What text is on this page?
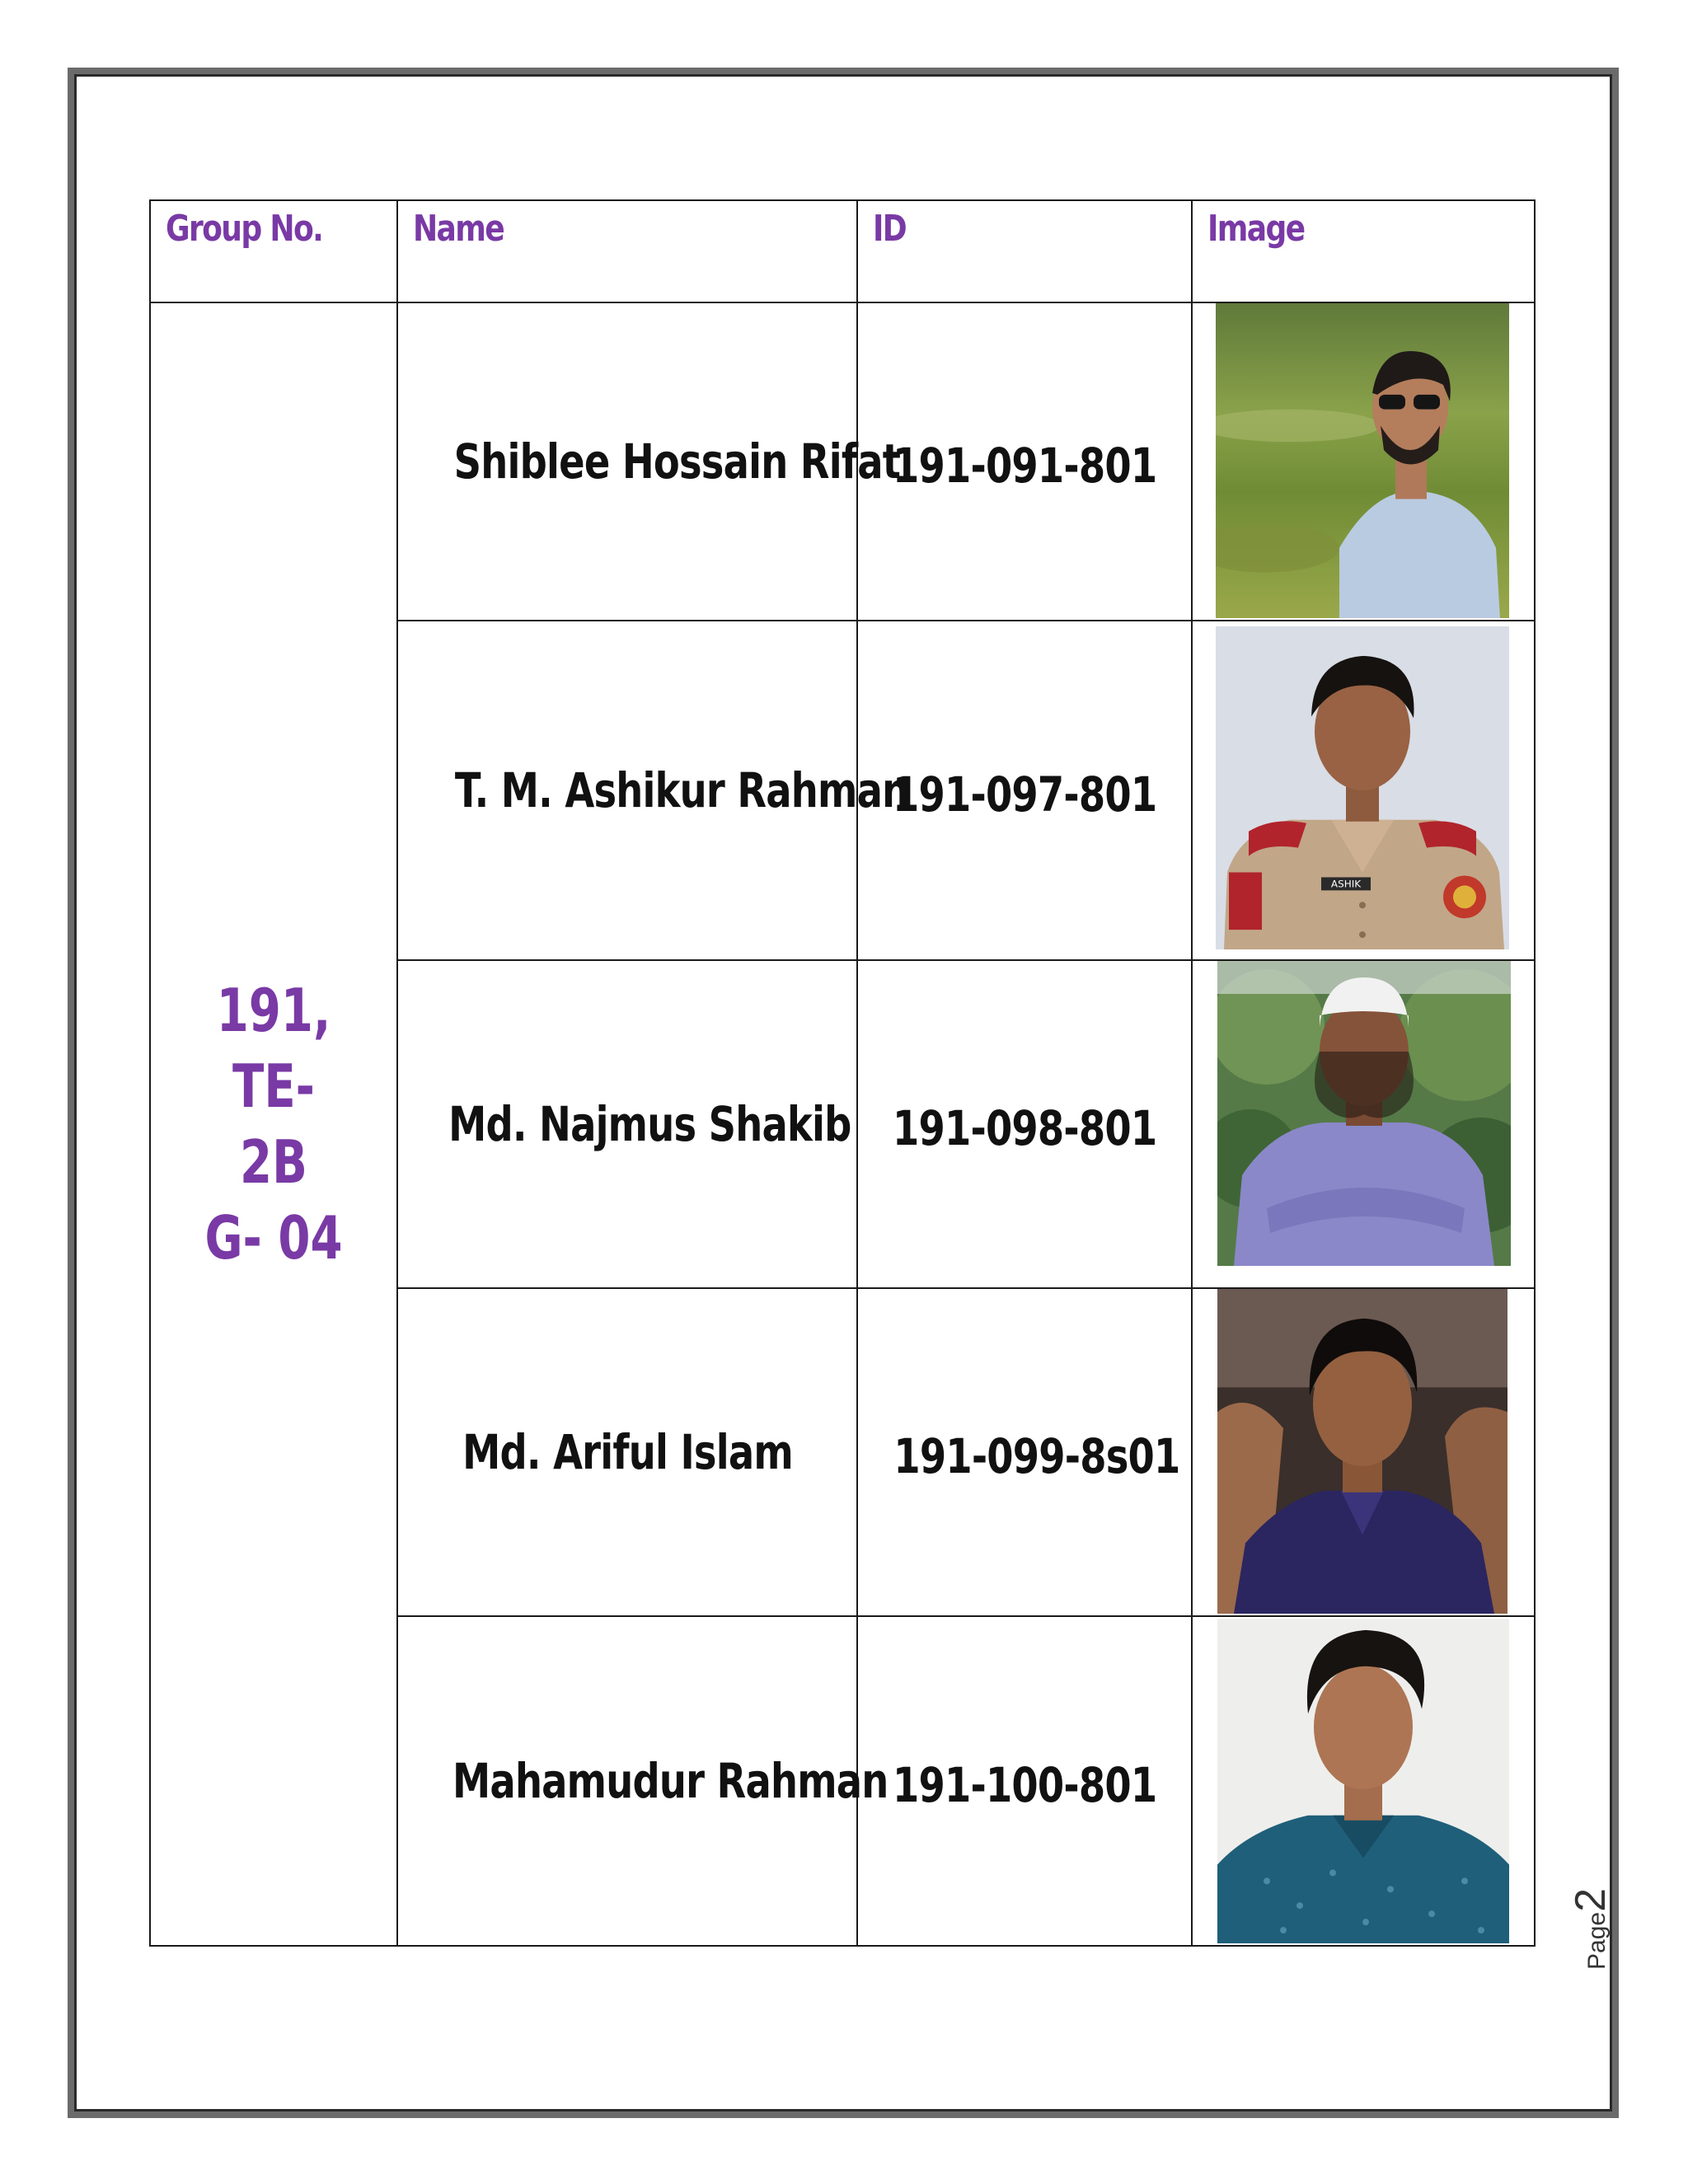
Group No.	Name	ID	Image

191, TE-
2B
G- 04	Shiblee Hossain Rifat	191-091-801	

	T. M. Ashikur Rahman	191-097-801	ASHIK

	Md. Najmus Shakib	191-098-801	

	Md. Ariful Islam	191-099-8s01	

	Mahamudur Rahman	191-100-801	
Page2
